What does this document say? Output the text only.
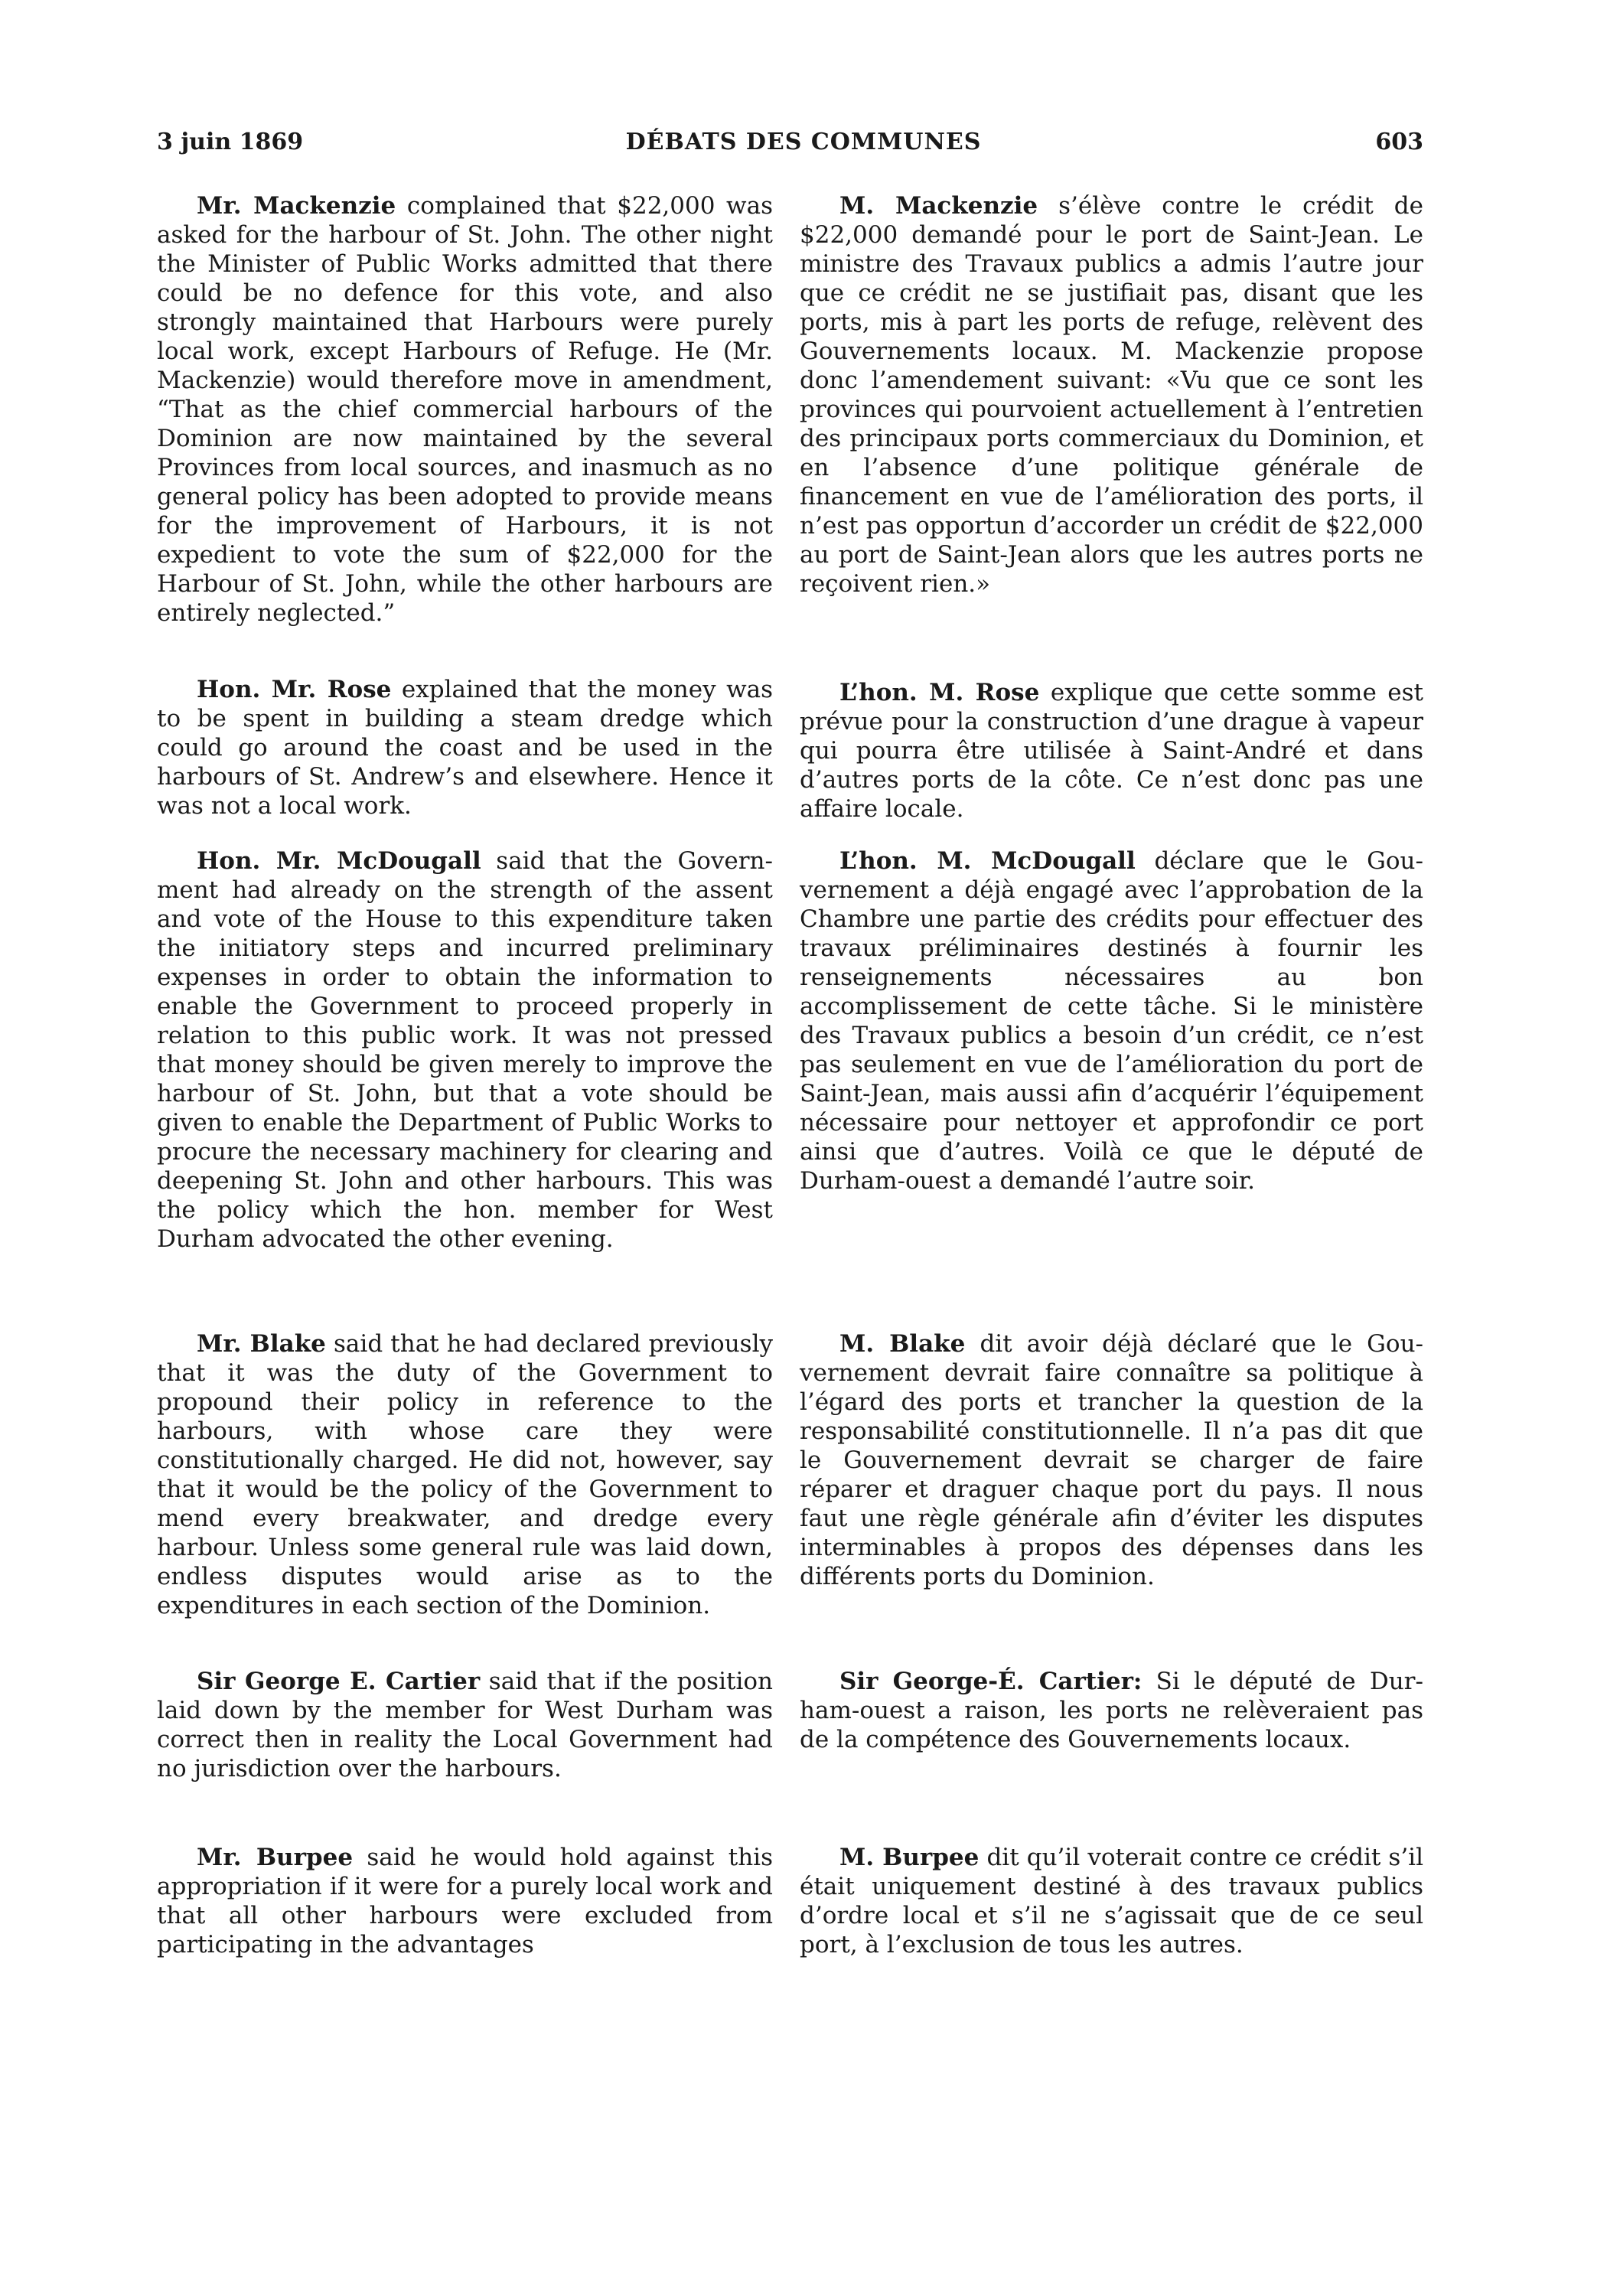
3 juin 1869	DÉBATS DES COMMUNES	603

Mr. Mackenzie complained that $22,000 was asked for the harbour of St. John. The other night the Minister of Public Works admitted that there could be no defence for this vote, and also strongly maintained that Harbours were purely local work, except Harbours of Refuge. He (Mr. Mackenzie) would therefore move in amendment, “That as the chief commercial harbours of the Dominion are now maintained by the several Provinces from local sources, and inasmuch as no general policy has been adopted to provide means for the improvement of Harbours, it is not expedient to vote the sum of $22,000 for the Harbour of St. John, while the other harbours are entirely neglected.”

Hon. Mr. Rose explained that the money was to be spent in building a steam dredge which could go around the coast and be used in the harbours of St. Andrew’s and elsewhere. Hence it was not a local work.

Hon. Mr. McDougall said that the Government had already on the strength of the assent and vote of the House to this expenditure taken the initiatory steps and incurred preliminary expenses in order to obtain the information to enable the Government to proceed properly in relation to this public work. It was not pressed that money should be given merely to improve the harbour of St. John, but that a vote should be given to enable the Department of Public Works to procure the necessary machinery for clearing and deepening St. John and other harbours. This was the policy which the hon. member for West Durham advocated the other evening.

Mr. Blake said that he had declared previously that it was the duty of the Government to propound their policy in reference to the harbours, with whose care they were constitutionally charged. He did not, however, say that it would be the policy of the Government to mend every breakwater, and dredge every harbour. Unless some general rule was laid down, endless disputes would arise as to the expenditures in each section of the Dominion.

Sir George E. Cartier said that if the position laid down by the member for West Durham was correct then in reality the Local Government had no jurisdiction over the harbours.

Mr. Burpee said he would hold against this appropriation if it were for a purely local work and that all other harbours were excluded from participating in the advantages

M. Mackenzie s’élève contre le crédit de $22,000 demandé pour le port de Saint-Jean. Le ministre des Travaux publics a admis l’autre jour que ce crédit ne se justifiait pas, disant que les ports, mis à part les ports de refuge, relèvent des Gouvernements locaux. M. Mackenzie propose donc l’amendement suivant: «Vu que ce sont les provinces qui pourvoient actuellement à l’entretien des principaux ports commerciaux du Dominion, et en l’absence d’une politique générale de financement en vue de l’amélioration des ports, il n’est pas opportun d’accorder un crédit de $22,000 au port de Saint-Jean alors que les autres ports ne reçoivent rien.»

L’hon. M. Rose explique que cette somme est prévue pour la construction d’une drague à vapeur qui pourra être utilisée à Saint-André et dans d’autres ports de la côte. Ce n’est donc pas une affaire locale.

L’hon. M. McDougall déclare que le Gouvernement a déjà engagé avec l’approbation de la Chambre une partie des crédits pour effectuer des travaux préliminaires destinés à fournir les renseignements nécessaires au bon accomplissement de cette tâche. Si le ministère des Travaux publics a besoin d’un crédit, ce n’est pas seulement en vue de l’amélioration du port de Saint-Jean, mais aussi afin d’acquérir l’équipement nécessaire pour nettoyer et approfondir ce port ainsi que d’autres. Voilà ce que le député de Durham-ouest a demandé l’autre soir.

M. Blake dit avoir déjà déclaré que le Gouvernement devrait faire connaître sa politique à l’égard des ports et trancher la question de la responsabilité constitutionnelle. Il n’a pas dit que le Gouvernement devrait se charger de faire réparer et draguer chaque port du pays. Il nous faut une règle générale afin d’éviter les disputes interminables à propos des dépenses dans les différents ports du Dominion.

Sir George-É. Cartier: Si le député de Durham-ouest a raison, les ports ne relèveraient pas de la compétence des Gouvernements locaux.

M. Burpee dit qu’il voterait contre ce crédit s’il était uniquement destiné à des travaux publics d’ordre local et s’il ne s’agissait que de ce seul port, à l’exclusion de tous les autres.
